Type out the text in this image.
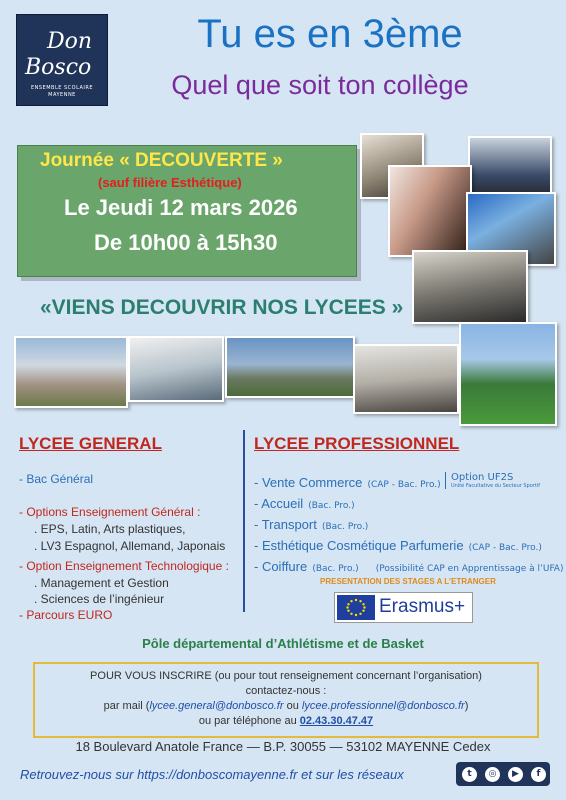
Don
Bosco
ENSEMBLE SCOLAIRE MAYENNE
Tu es en 3ème
Quel que soit ton collège
Journée « DECOUVERTE »
(sauf filière Esthétique)
Le Jeudi 12 mars 2026
De 10h00 à 15h30
«VIENS DECOUVRIR NOS LYCEES »
LYCEE GENERAL
- Bac Général
- Options Enseignement Général :
. EPS, Latin, Arts plastiques,
. LV3 Espagnol, Allemand, Japonais
- Option Enseignement Technologique :
. Management et Gestion
. Sciences de l’ingénieur
- Parcours EURO
LYCEE PROFESSIONNEL
- Vente Commerce (CAP - Bac. Pro.)
- Accueil (Bac. Pro.)
- Transport (Bac. Pro.)
- Esthétique Cosmétique Parfumerie (CAP - Bac. Pro.)
- Coiffure (Bac. Pro.) (Possibilité CAP en Apprentissage à l’UFA)
Option UF2S
Unité Facultative du Secteur Sportif
PRESENTATION DES STAGES A L’ETRANGER
Erasmus+
Pôle départemental d’Athlétisme et de Basket
POUR VOUS INSCRIRE (ou pour tout renseignement concernant l’organisation)
contactez-nous :
par mail (lycee.general@donbosco.fr ou lycee.professionnel@donbosco.fr)
ou par téléphone au 02.43.30.47.47
18 Boulevard Anatole France — B.P. 30055 — 53102 MAYENNE Cedex
Retrouvez-nous sur https://donboscomayenne.fr et sur les réseaux	t	◎	▶	f
